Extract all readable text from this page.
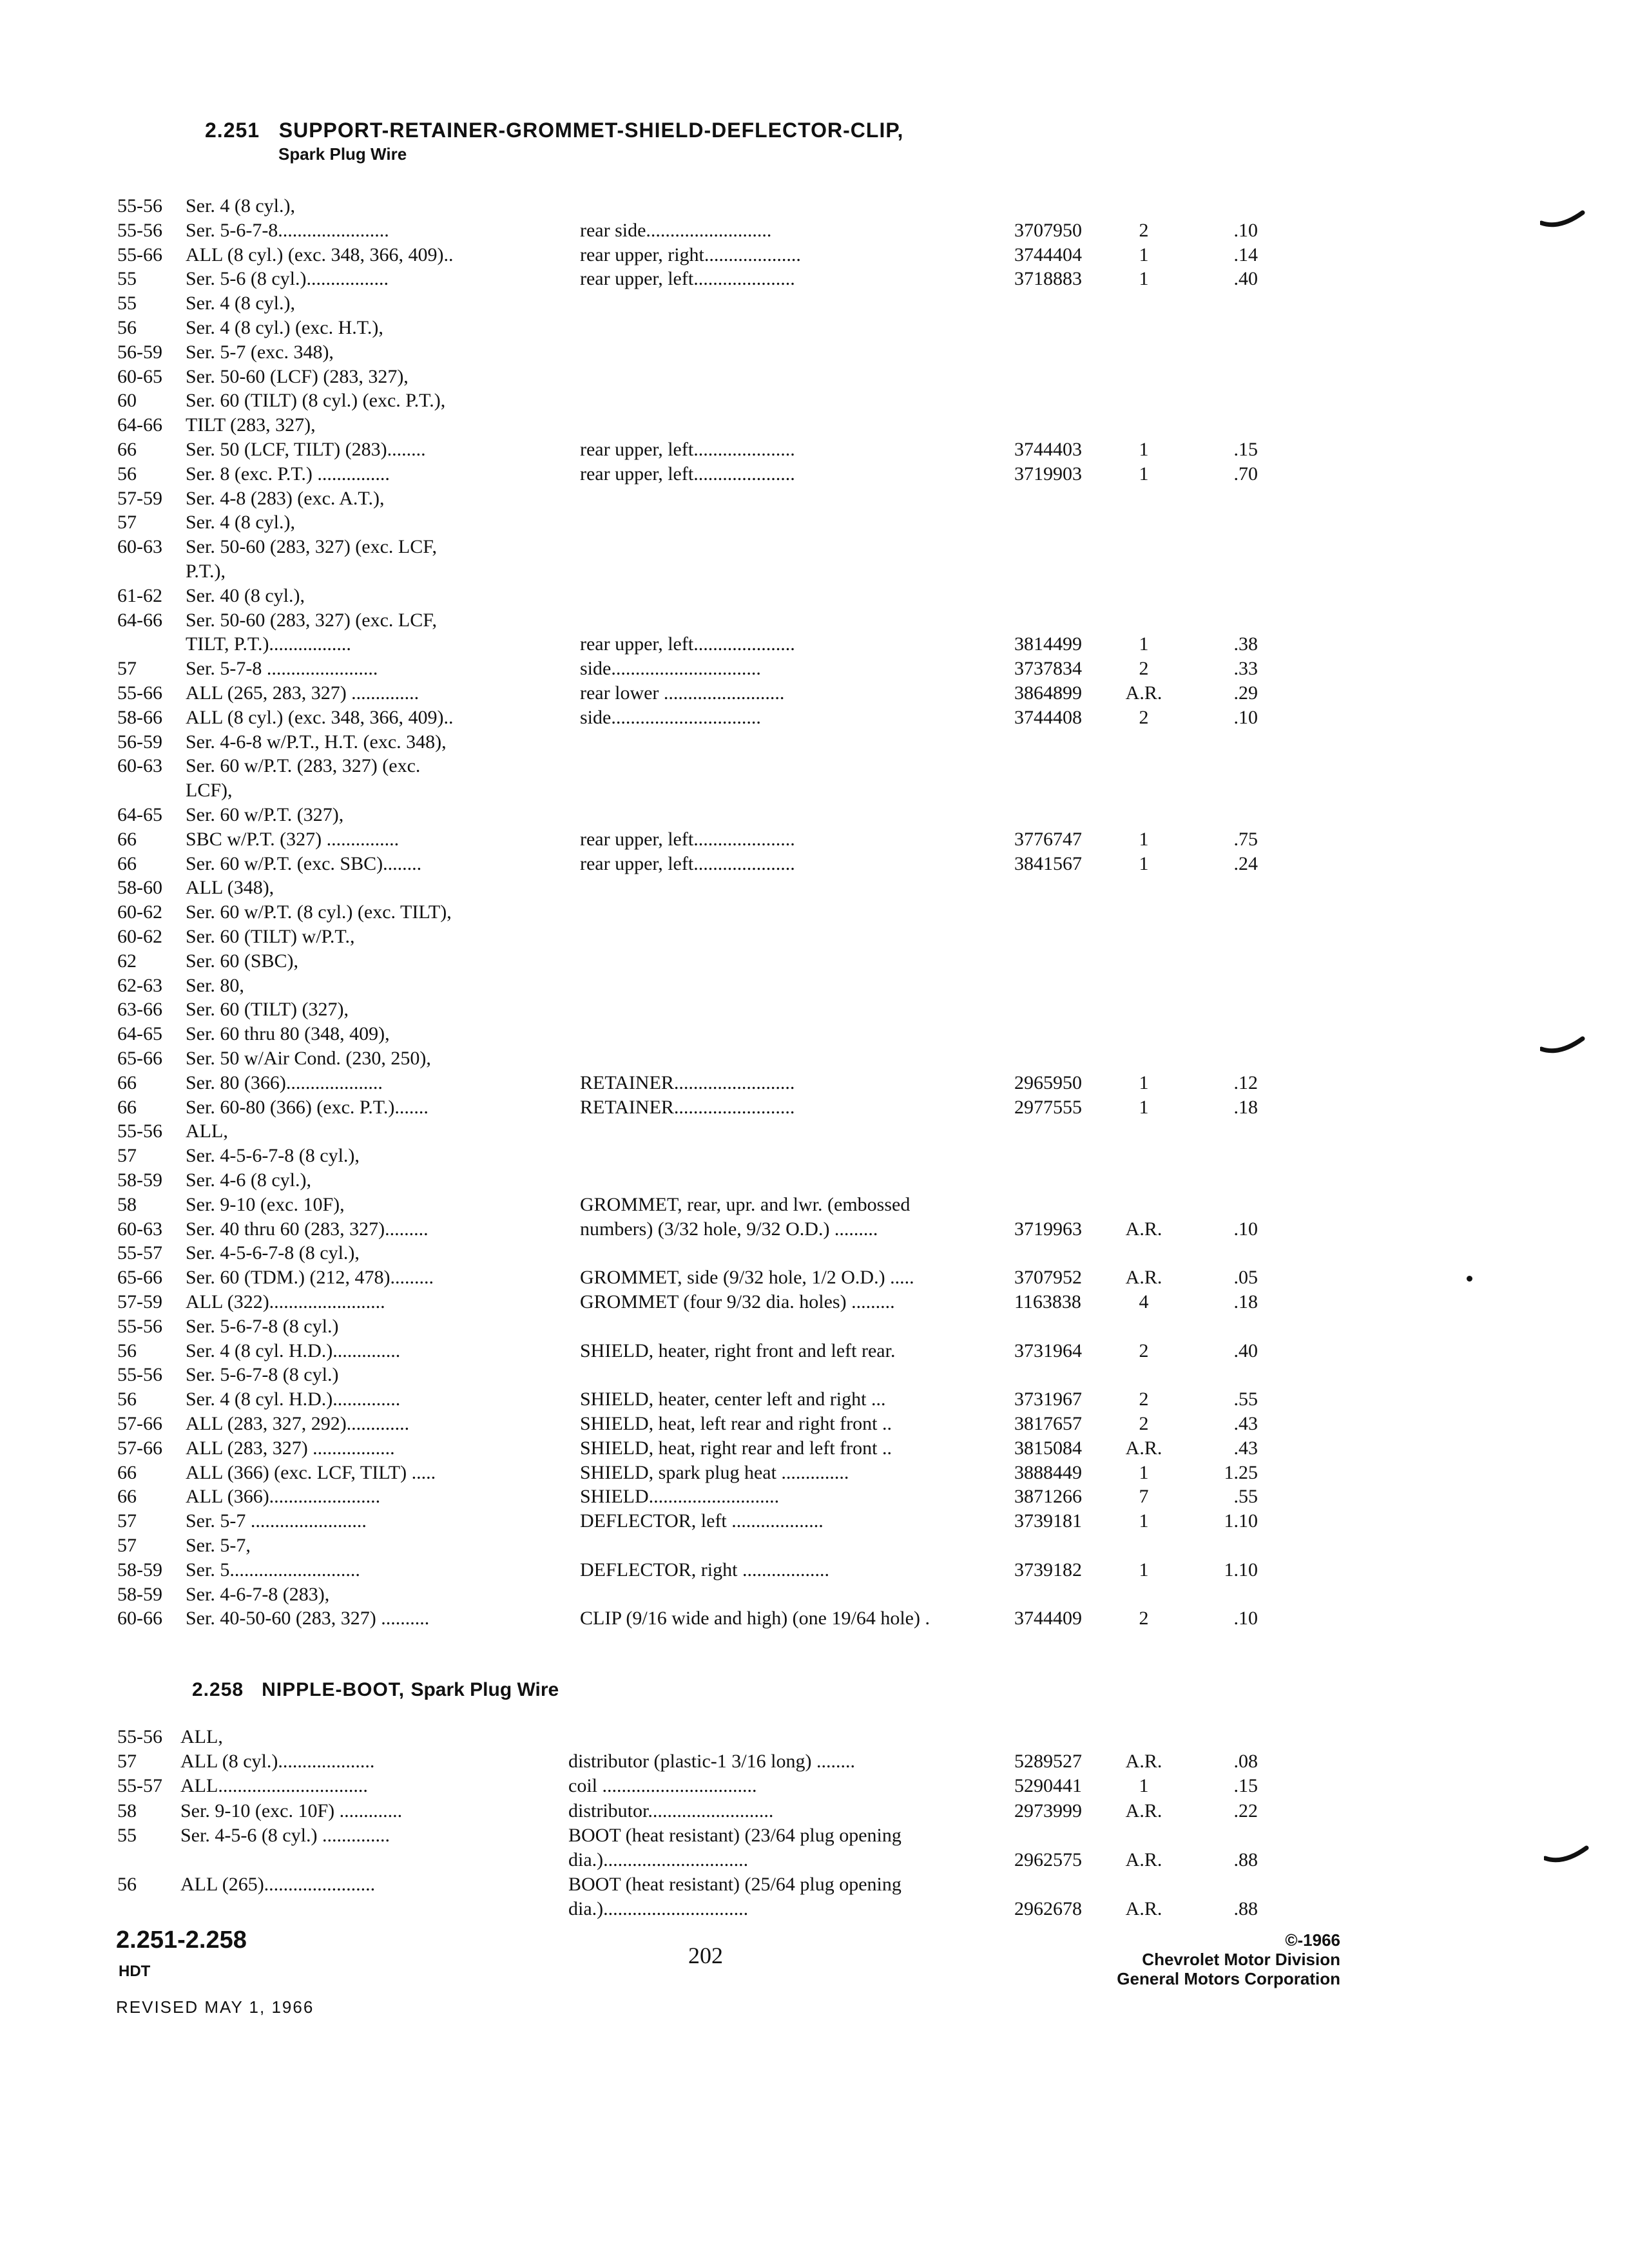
2.251 SUPPORT-RETAINER-GROMMET-SHIELD-DEFLECTOR-CLIP,
Spark Plug Wire
55-56 Ser. 4 (8 cyl.),
55-56 Ser. 5-6-7-8.......................	rear side..........................	3707950	2	.10
55-66 ALL (8 cyl.) (exc. 348, 366, 409)..	rear upper, right....................	3744404	1	.14
55	Ser. 5-6 (8 cyl.).................	rear upper, left.....................	3718883	1	.40
55	Ser. 4 (8 cyl.),
56	Ser. 4 (8 cyl.) (exc. H.T.),
56-59 Ser. 5-7 (exc. 348),
60-65 Ser. 50-60 (LCF) (283, 327),
60	Ser. 60 (TILT) (8 cyl.) (exc. P.T.),
64-66 TILT (283, 327),
66	Ser. 50 (LCF, TILT) (283)........	rear upper, left.....................	3744403	1	.15
56	Ser. 8 (exc. P.T.) ...............	rear upper, left.....................	3719903	1	.70
57-59 Ser. 4-8 (283) (exc. A.T.),
57	Ser. 4 (8 cyl.),
60-63 Ser. 50-60 (283, 327) (exc. LCF,
P.T.),
61-62 Ser. 40 (8 cyl.),
64-66 Ser. 50-60 (283, 327) (exc. LCF,
TILT, P.T.).................	rear upper, left.....................	3814499	1	.38
57	Ser. 5-7-8 .......................	side...............................	3737834	2	.33
55-66 ALL (265, 283, 327) ..............	rear lower .........................	3864899	A.R.	.29
58-66 ALL (8 cyl.) (exc. 348, 366, 409)..	side...............................	3744408	2	.10
56-59 Ser. 4-6-8 w/P.T., H.T. (exc. 348),
60-63 Ser. 60 w/P.T. (283, 327) (exc.
LCF),
64-65 Ser. 60 w/P.T. (327),
66	SBC w/P.T. (327) ...............	rear upper, left.....................	3776747	1	.75
66	Ser. 60 w/P.T. (exc. SBC)........	rear upper, left.....................	3841567	1	.24
58-60 ALL (348),
60-62 Ser. 60 w/P.T. (8 cyl.) (exc. TILT),
60-62 Ser. 60 (TILT) w/P.T.,
62	Ser. 60 (SBC),
62-63 Ser. 80,
63-66 Ser. 60 (TILT) (327),
64-65 Ser. 60 thru 80 (348, 409),
65-66 Ser. 50 w/Air Cond. (230, 250),
66	Ser. 80 (366)....................	RETAINER.........................	2965950	1	.12
66	Ser. 60-80 (366) (exc. P.T.).......	RETAINER.........................	2977555	1	.18
55-56 ALL,
57	Ser. 4-5-6-7-8 (8 cyl.),
58-59 Ser. 4-6 (8 cyl.),
58	Ser. 9-10 (exc. 10F),	GROMMET, rear, upr. and lwr. (embossed
60-63 Ser. 40 thru 60 (283, 327).........	numbers) (3/32 hole, 9/32 O.D.) .........	3719963	A.R.	.10
55-57 Ser. 4-5-6-7-8 (8 cyl.),
65-66 Ser. 60 (TDM.) (212, 478).........	GROMMET, side (9/32 hole, 1/2 O.D.) .....	3707952	A.R.	.05
57-59 ALL (322)........................	GROMMET (four 9/32 dia. holes) .........	1163838	4	.18
55-56 Ser. 5-6-7-8 (8 cyl.)
56	Ser. 4 (8 cyl. H.D.)..............	SHIELD, heater, right front and left rear.	3731964	2	.40
55-56 Ser. 5-6-7-8 (8 cyl.)
56	Ser. 4 (8 cyl. H.D.)..............	SHIELD, heater, center left and right ...	3731967	2	.55
57-66 ALL (283, 327, 292).............	SHIELD, heat, left rear and right front ..	3817657	2	.43
57-66 ALL (283, 327) .................	SHIELD, heat, right rear and left front ..	3815084	A.R.	.43
66	ALL (366) (exc. LCF, TILT) .....	SHIELD, spark plug heat ..............	3888449	1	1.25
66	ALL (366).......................	SHIELD...........................	3871266	7	.55
57	Ser. 5-7 ........................	DEFLECTOR, left ...................	3739181	1	1.10
57	Ser. 5-7,
58-59 Ser. 5...........................	DEFLECTOR, right ..................	3739182	1	1.10
58-59 Ser. 4-6-7-8 (283),
60-66 Ser. 40-50-60 (283, 327) ..........	CLIP (9/16 wide and high) (one 19/64 hole) .	3744409	2	.10
2.258 NIPPLE-BOOT, Spark Plug Wire
55-56 ALL,
57 ALL (8 cyl.)....................	distributor (plastic-1 3/16 long) ........	5289527	A.R.	.08
55-57 ALL...............................	coil ................................	5290441	1	.15
58 Ser. 9-10 (exc. 10F) .............	distributor..........................	2973999	A.R.	.22
55 Ser. 4-5-6 (8 cyl.) ..............	BOOT (heat resistant) (23/64 plug opening
dia.)..............................	2962575	A.R.	.88
56 ALL (265).......................	BOOT (heat resistant) (25/64 plug opening
dia.)..............................	2962678	A.R.	.88
2.251-2.258
HDT
REVISED MAY 1, 1966
202
©-1966
Chevrolet Motor Division
General Motors Corporation
